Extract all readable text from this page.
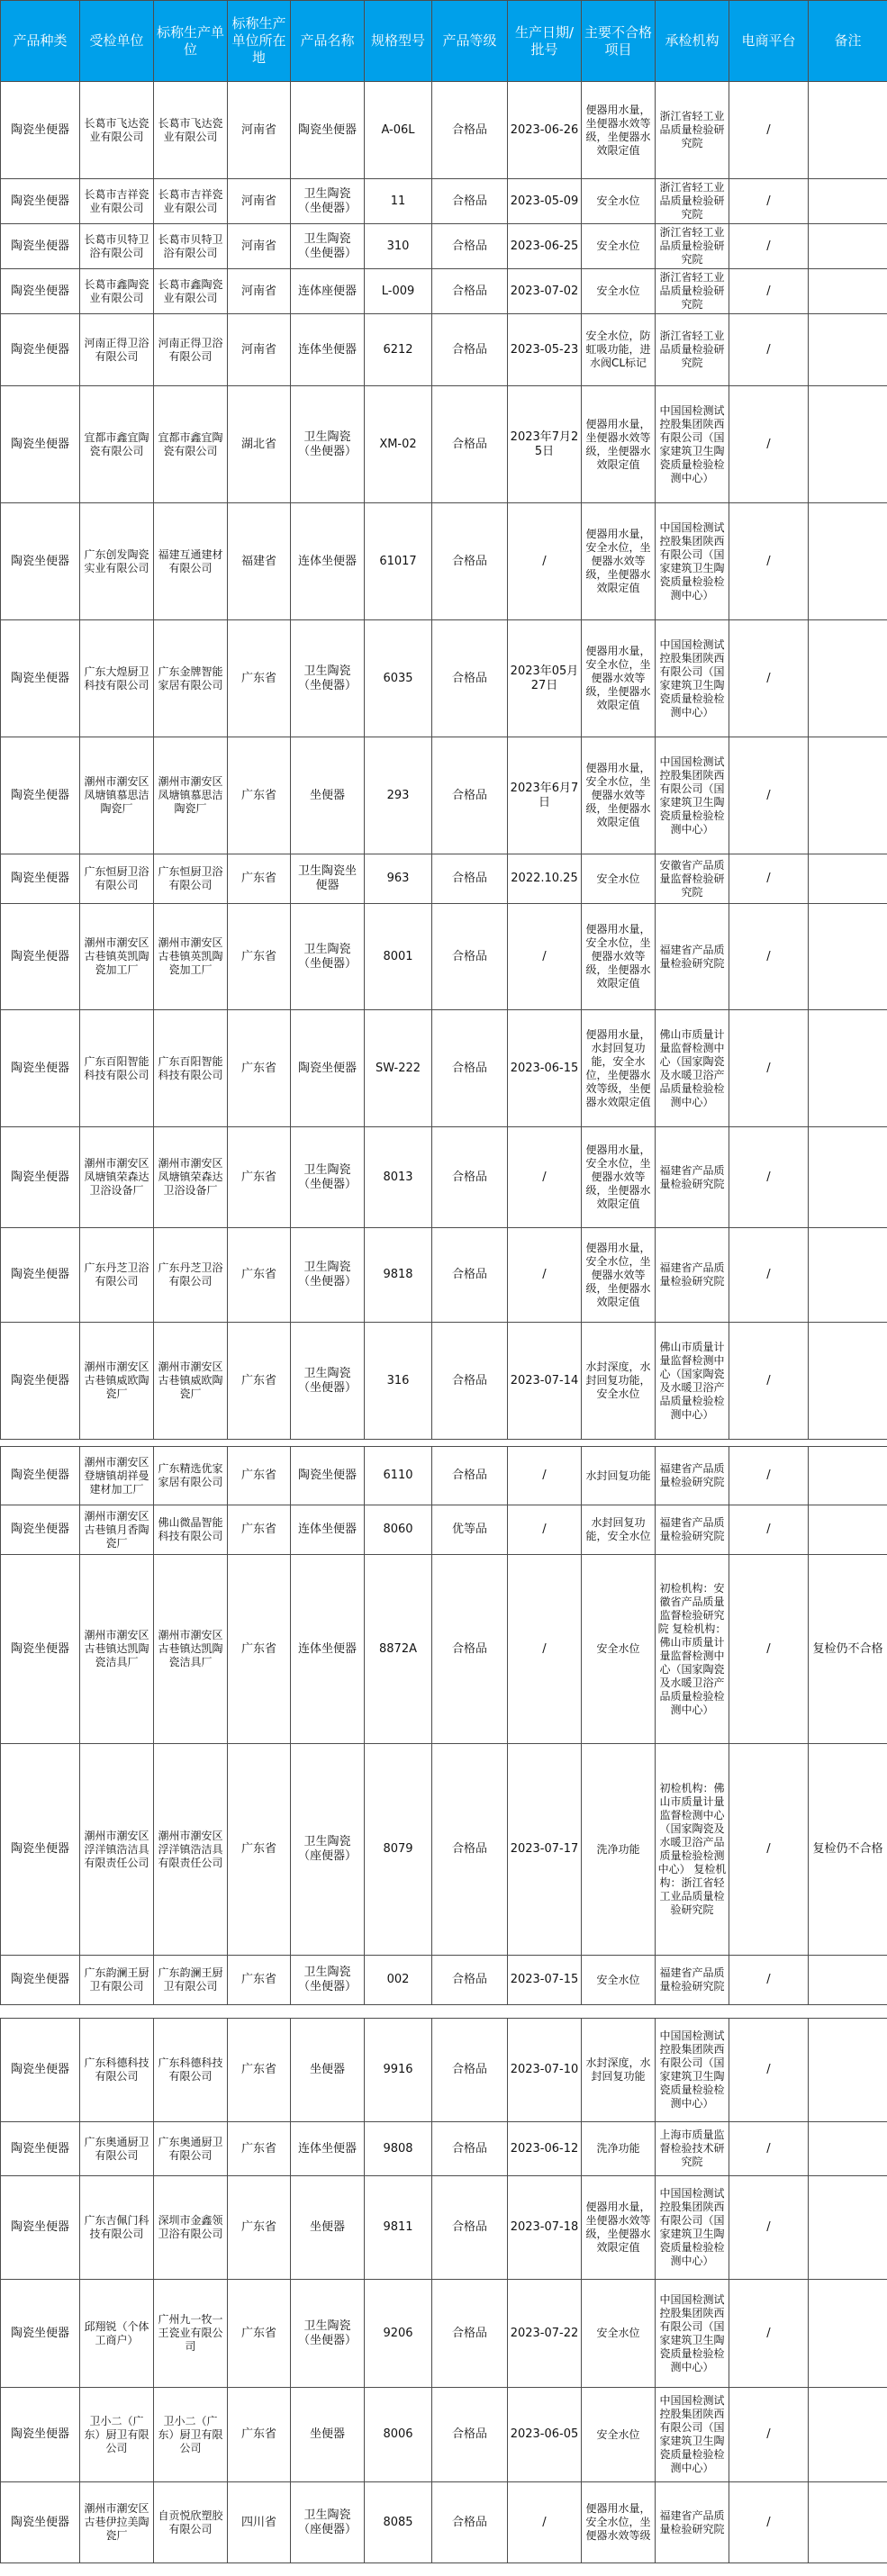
产品种类	受检单位	标称生产单位	标称生产单位所在地	产品名称	规格型号	产品等级	生产日期/批号	主要不合格项目	承检机构	电商平台	备注
陶瓷坐便器	长葛市飞达瓷业有限公司	长葛市飞达瓷业有限公司	河南省	陶瓷坐便器	A-06L	合格品	2023-06-26	便器用水量，坐便器水效等级，坐便器水效限定值	浙江省轻工业品质量检验研究院	/	
陶瓷坐便器	长葛市吉祥瓷业有限公司	长葛市吉祥瓷业有限公司	河南省	卫生陶瓷（坐便器）	11	合格品	2023-05-09	安全水位	浙江省轻工业品质量检验研究院	/	
陶瓷坐便器	长葛市贝特卫浴有限公司	长葛市贝特卫浴有限公司	河南省	卫生陶瓷（坐便器）	310	合格品	2023-06-25	安全水位	浙江省轻工业品质量检验研究院	/	
陶瓷坐便器	长葛市鑫陶瓷业有限公司	长葛市鑫陶瓷业有限公司	河南省	连体座便器	L-009	合格品	2023-07-02	安全水位	浙江省轻工业品质量检验研究院	/	
陶瓷坐便器	河南正得卫浴有限公司	河南正得卫浴有限公司	河南省	连体坐便器	6212	合格品	2023-05-23	安全水位，防虹吸功能，进水阀CL标记	浙江省轻工业品质量检验研究院	/	
陶瓷坐便器	宜都市鑫宜陶瓷有限公司	宜都市鑫宜陶瓷有限公司	湖北省	卫生陶瓷（坐便器）	XM-02	合格品	2023年7月25日	便器用水量，坐便器水效等级，坐便器水效限定值	中国国检测试控股集团陕西有限公司（国家建筑卫生陶瓷质量检验检测中心）	/	
陶瓷坐便器	广东创发陶瓷实业有限公司	福建互通建材有限公司	福建省	连体坐便器	61017	合格品	/	便器用水量，安全水位，坐便器水效等级，坐便器水效限定值	中国国检测试控股集团陕西有限公司（国家建筑卫生陶瓷质量检验检测中心）	/	
陶瓷坐便器	广东大煌厨卫科技有限公司	广东金牌智能家居有限公司	广东省	卫生陶瓷（坐便器）	6035	合格品	2023年05月27日	便器用水量，安全水位，坐便器水效等级，坐便器水效限定值	中国国检测试控股集团陕西有限公司（国家建筑卫生陶瓷质量检验检测中心）	/	
陶瓷坐便器	潮州市潮安区凤塘镇慕思洁陶瓷厂	潮州市潮安区凤塘镇慕思洁陶瓷厂	广东省	坐便器	293	合格品	2023年6月7日	便器用水量，安全水位，坐便器水效等级，坐便器水效限定值	中国国检测试控股集团陕西有限公司（国家建筑卫生陶瓷质量检验检测中心）	/	
陶瓷坐便器	广东恒厨卫浴有限公司	广东恒厨卫浴有限公司	广东省	卫生陶瓷坐便器	963	合格品	2022.10.25	安全水位	安徽省产品质量监督检验研究院	/	
陶瓷坐便器	潮州市潮安区古巷镇英凯陶瓷加工厂	潮州市潮安区古巷镇英凯陶瓷加工厂	广东省	卫生陶瓷（坐便器）	8001	合格品	/	便器用水量，安全水位，坐便器水效等级，坐便器水效限定值	福建省产品质量检验研究院	/	
陶瓷坐便器	广东百阳智能科技有限公司	广东百阳智能科技有限公司	广东省	陶瓷坐便器	SW-222	合格品	2023-06-15	便器用水量，水封回复功能，安全水位，坐便器水效等级，坐便器水效限定值	佛山市质量计量监督检测中心（国家陶瓷及水暖卫浴产品质量检验检测中心）	/	
陶瓷坐便器	潮州市潮安区凤塘镇荣森达卫浴设备厂	潮州市潮安区凤塘镇荣森达卫浴设备厂	广东省	卫生陶瓷（坐便器）	8013	合格品	/	便器用水量，安全水位，坐便器水效等级，坐便器水效限定值	福建省产品质量检验研究院	/	
陶瓷坐便器	广东丹芝卫浴有限公司	广东丹芝卫浴有限公司	广东省	卫生陶瓷（坐便器）	9818	合格品	/	便器用水量，安全水位，坐便器水效等级，坐便器水效限定值	福建省产品质量检验研究院	/	
陶瓷坐便器	潮州市潮安区古巷镇威欧陶瓷厂	潮州市潮安区古巷镇威欧陶瓷厂	广东省	卫生陶瓷（坐便器）	316	合格品	2023-07-14	水封深度，水封回复功能，安全水位	佛山市质量计量监督检测中心（国家陶瓷及水暖卫浴产品质量检验检测中心）	/	
陶瓷坐便器	潮州市潮安区登塘镇胡祥曼建材加工厂	广东精选优家家居有限公司	广东省	陶瓷坐便器	6110	合格品	/	水封回复功能	福建省产品质量检验研究院	/	
陶瓷坐便器	潮州市潮安区古巷镇月香陶瓷厂	佛山微晶智能科技有限公司	广东省	连体坐便器	8060	优等品	/	水封回复功能，安全水位	福建省产品质量检验研究院	/	
陶瓷坐便器	潮州市潮安区古巷镇达凯陶瓷洁具厂	潮州市潮安区古巷镇达凯陶瓷洁具厂	广东省	连体坐便器	8872A	合格品	/	安全水位	初检机构：安徽省产品质量监督检验研究院 复检机构：佛山市质量计量监督检测中心（国家陶瓷及水暖卫浴产品质量检验检测中心）	/	复检仍不合格
陶瓷坐便器	潮州市潮安区浮洋镇浩洁具有限责任公司	潮州市潮安区浮洋镇浩洁具有限责任公司	广东省	卫生陶瓷（座便器）	8079	合格品	2023-07-17	洗净功能	初检机构：佛山市质量计量监督检测中心（国家陶瓷及水暖卫浴产品质量检验检测中心） 复检机构：浙江省轻工业品质量检验研究院	/	复检仍不合格
陶瓷坐便器	广东韵澜王厨卫有限公司	广东韵澜王厨卫有限公司	广东省	卫生陶瓷（坐便器）	002	合格品	2023-07-15	安全水位	福建省产品质量检验研究院	/	
陶瓷坐便器	广东科德科技有限公司	广东科德科技有限公司	广东省	坐便器	9916	合格品	2023-07-10	水封深度，水封回复功能	中国国检测试控股集团陕西有限公司（国家建筑卫生陶瓷质量检验检测中心）	/	
陶瓷坐便器	广东奥通厨卫有限公司	广东奥通厨卫有限公司	广东省	连体坐便器	9808	合格品	2023-06-12	洗净功能	上海市质量监督检验技术研究院	/	
陶瓷坐便器	广东吉佩门科技有限公司	深圳市金鑫领卫浴有限公司	广东省	坐便器	9811	合格品	2023-07-18	便器用水量，坐便器水效等级，坐便器水效限定值	中国国检测试控股集团陕西有限公司（国家建筑卫生陶瓷质量检验检测中心）	/	
陶瓷坐便器	邱翔锐（个体工商户）	广州九一牧一王瓷业有限公司	广东省	卫生陶瓷（坐便器）	9206	合格品	2023-07-22	安全水位	中国国检测试控股集团陕西有限公司（国家建筑卫生陶瓷质量检验检测中心）	/	
陶瓷坐便器	卫小二（广东）厨卫有限公司	卫小二（广东）厨卫有限公司	广东省	坐便器	8006	合格品	2023-06-05	安全水位	中国国检测试控股集团陕西有限公司（国家建筑卫生陶瓷质量检验检测中心）	/	
陶瓷坐便器	潮州市潮安区古巷伊拉美陶瓷厂	自贡悦欣塑胶有限公司	四川省	卫生陶瓷（座便器）	8085	合格品	/	便器用水量，安全水位，坐便器水效等级	福建省产品质量检验研究院	/	
